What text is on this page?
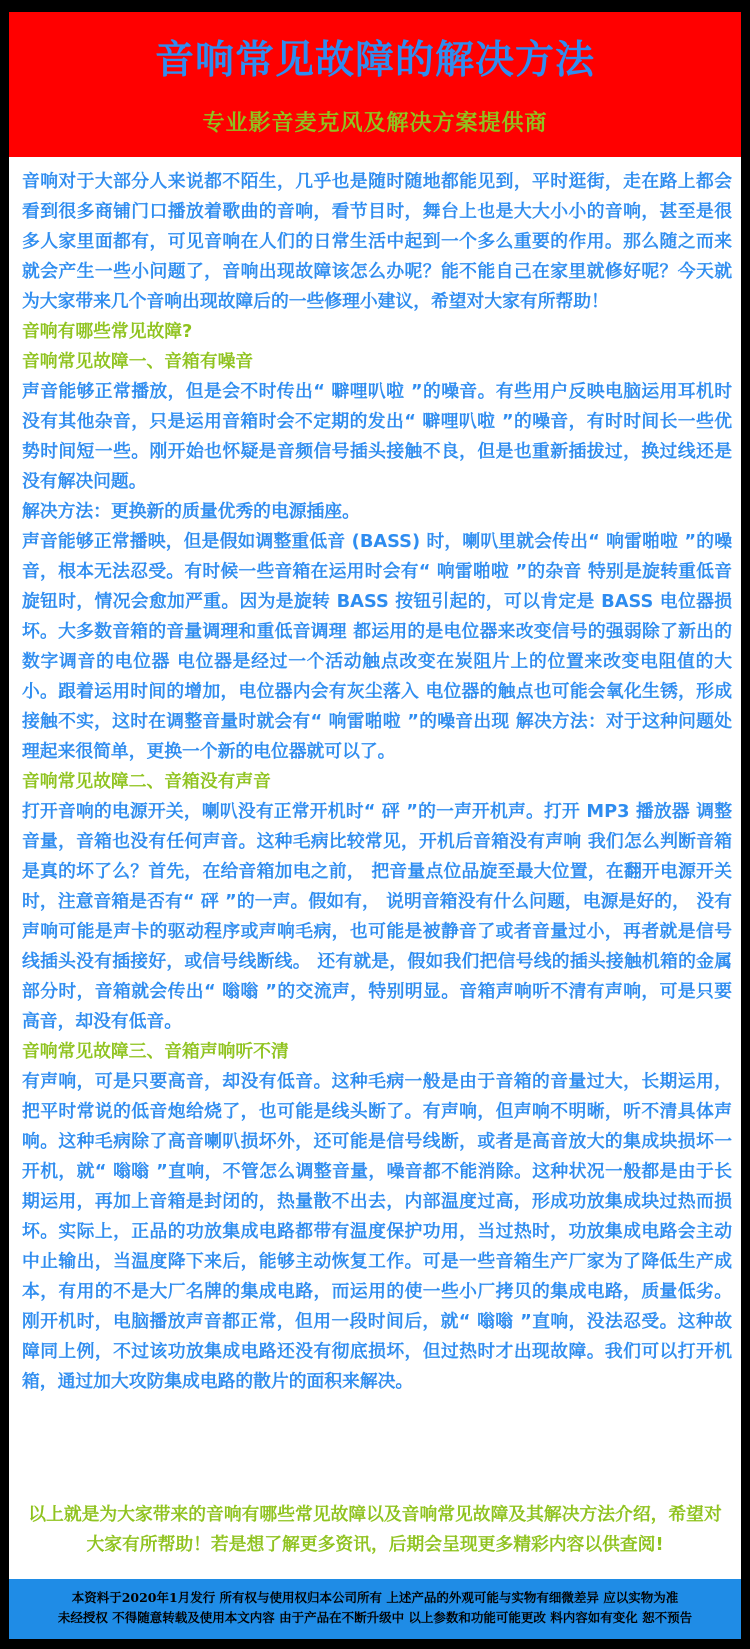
音响常见故障的解决方法
专业影音麦克风及解决方案提供商

音响对于大部分人来说都不陌生，几乎也是随时随地都能见到，平时逛街，走在路上都会看到很多商铺门口播放着歌曲的音响，看节目时，舞台上也是大大小小的音响，甚至是很多人家里面都有，可见音响在人们的日常生活中起到一个多么重要的作用。那么随之而来就会产生一些小问题了，音响出现故障该怎么办呢？能不能自己在家里就修好呢？今天就为大家带来几个音响出现故障后的一些修理小建议，希望对大家有所帮助！

音响有哪些常见故障?

音响常见故障一、音箱有噪音

声音能够正常播放，但是会不时传出“ 噼哩叭啦 ”的噪音。有些用户反映电脑运用耳机时没有其他杂音，只是运用音箱时会不定期的发出“ 噼哩叭啦 ”的噪音，有时时间长一些优势时间短一些。刚开始也怀疑是音频信号插头接触不良，但是也重新插拔过，换过线还是没有解决问题。

解决方法：更换新的质量优秀的电源插座。

声音能够正常播映，但是假如调整重低音 (BASS) 时，喇叭里就会传出“ 响雷啪啦 ”的噪音，根本无法忍受。有时候一些音箱在运用时会有“ 响雷啪啦 ”的杂音 特别是旋转重低音旋钮时，情况会愈加严重。因为是旋转 BASS 按钮引起的，可以肯定是 BASS 电位器损坏。大多数音箱的音量调理和重低音调理 都运用的是电位器来改变信号的强弱除了新出的数字调音的电位器 电位器是经过一个活动触点改变在炭阻片上的位置来改变电阻值的大小。跟着运用时间的增加，电位器内会有灰尘落入 电位器的触点也可能会氧化生锈，形成接触不实，这时在调整音量时就会有“ 响雷啪啦 ”的噪音出现 解决方法：对于这种问题处理起来很简单，更换一个新的电位器就可以了。

音响常见故障二、音箱没有声音

打开音响的电源开关，喇叭没有正常开机时“ 砰 ”的一声开机声。打开 MP3 播放器 调整音量，音箱也没有任何声音。这种毛病比较常见，开机后音箱没有声响 我们怎么判断音箱是真的坏了么？首先，在给音箱加电之前， 把音量点位品旋至最大位置，在翻开电源开关时，注意音箱是否有“ 砰 ”的一声。假如有， 说明音箱没有什么问题，电源是好的， 没有声响可能是声卡的驱动程序或声响毛病，也可能是被静音了或者音量过小，再者就是信号线插头没有插接好，或信号线断线。 还有就是，假如我们把信号线的插头接触机箱的金属部分时，音箱就会传出“ 嗡嗡 ”的交流声，特别明显。音箱声响听不清有声响，可是只要高音，却没有低音。

音响常见故障三、音箱声响听不清

有声响，可是只要高音，却没有低音。这种毛病一般是由于音箱的音量过大，长期运用，把平时常说的低音炮给烧了，也可能是线头断了。有声响，但声响不明晰，听不清具体声响。这种毛病除了高音喇叭损坏外，还可能是信号线断，或者是高音放大的集成块损坏一开机，就“ 嗡嗡 ”直响，不管怎么调整音量，噪音都不能消除。这种状况一般都是由于长期运用，再加上音箱是封闭的，热量散不出去，内部温度过高，形成功放集成块过热而损坏。实际上，正品的功放集成电路都带有温度保护功用，当过热时，功放集成电路会主动中止输出，当温度降下来后，能够主动恢复工作。可是一些音箱生产厂家为了降低生产成本，有用的不是大厂名牌的集成电路，而运用的使一些小厂拷贝的集成电路，质量低劣。刚开机时，电脑播放声音都正常，但用一段时间后，就“ 嗡嗡 ”直响，没法忍受。这种故障同上例，不过该功放集成电路还没有彻底损坏，但过热时才出现故障。我们可以打开机箱，通过加大攻防集成电路的散片的面积来解决。

以上就是为大家带来的音响有哪些常见故障以及音响常见故障及其解决方法介绍，希望对大家有所帮助！若是想了解更多资讯，后期会呈现更多精彩内容以供查阅!
本资料于2020年1月发行 所有权与使用权归本公司所有 上述产品的外观可能与实物有细微差异 应以实物为准
未经授权 不得随意转载及使用本文内容 由于产品在不断升级中 以上参数和功能可能更改 料内容如有变化 恕不预告
